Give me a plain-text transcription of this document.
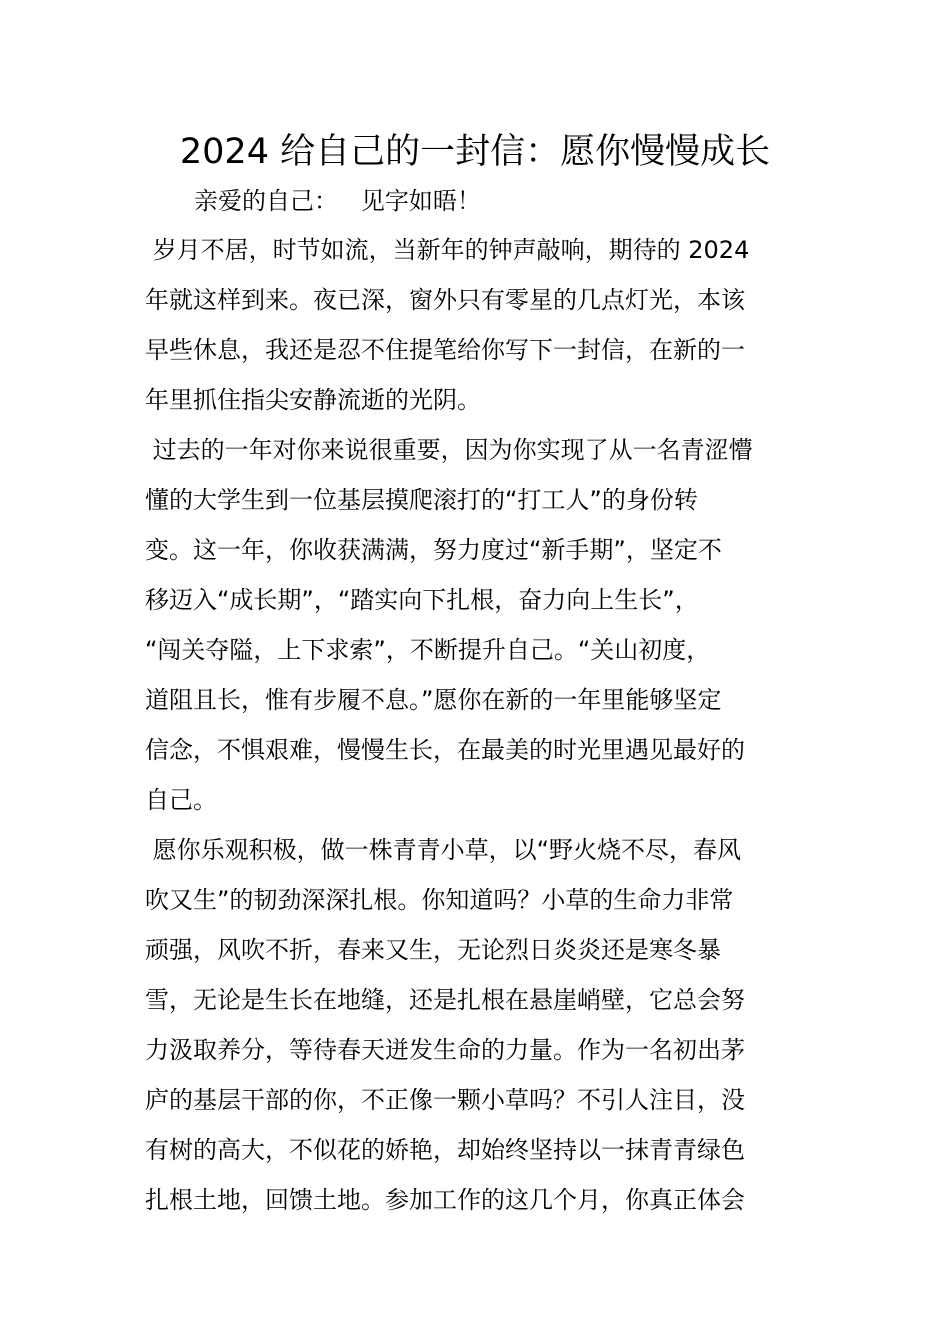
2024 给自己的一封信：愿你慢慢成长
亲爱的自己：   见字如晤！
岁月不居，时节如流，当新年的钟声敲响，期待的 2024
年就这样到来。夜已深，窗外只有零星的几点灯光，本该
早些休息，我还是忍不住提笔给你写下一封信，在新的一
年里抓住指尖安静流逝的光阴。
过去的一年对你来说很重要，因为你实现了从一名青涩懵
懂的大学生到一位基层摸爬滚打的“打工人”的身份转
变。这一年，你收获满满，努力度过“新手期”，坚定不
移迈入“成长期”，“踏实向下扎根，奋力向上生长”，
“闯关夺隘，上下求索”，不断提升自己。“关山初度，
道阻且长，惟有步履不息。”愿你在新的一年里能够坚定
信念，不惧艰难，慢慢生长，在最美的时光里遇见最好的
自己。
愿你乐观积极，做一株青青小草，以“野火烧不尽，春风
吹又生”的韧劲深深扎根。你知道吗？小草的生命力非常
顽强，风吹不折，春来又生，无论烈日炎炎还是寒冬暴
雪，无论是生长在地缝，还是扎根在悬崖峭壁，它总会努
力汲取养分，等待春天迸发生命的力量。作为一名初出茅
庐的基层干部的你，不正像一颗小草吗？不引人注目，没
有树的高大，不似花的娇艳，却始终坚持以一抹青青绿色
扎根土地，回馈土地。参加工作的这几个月，你真正体会
